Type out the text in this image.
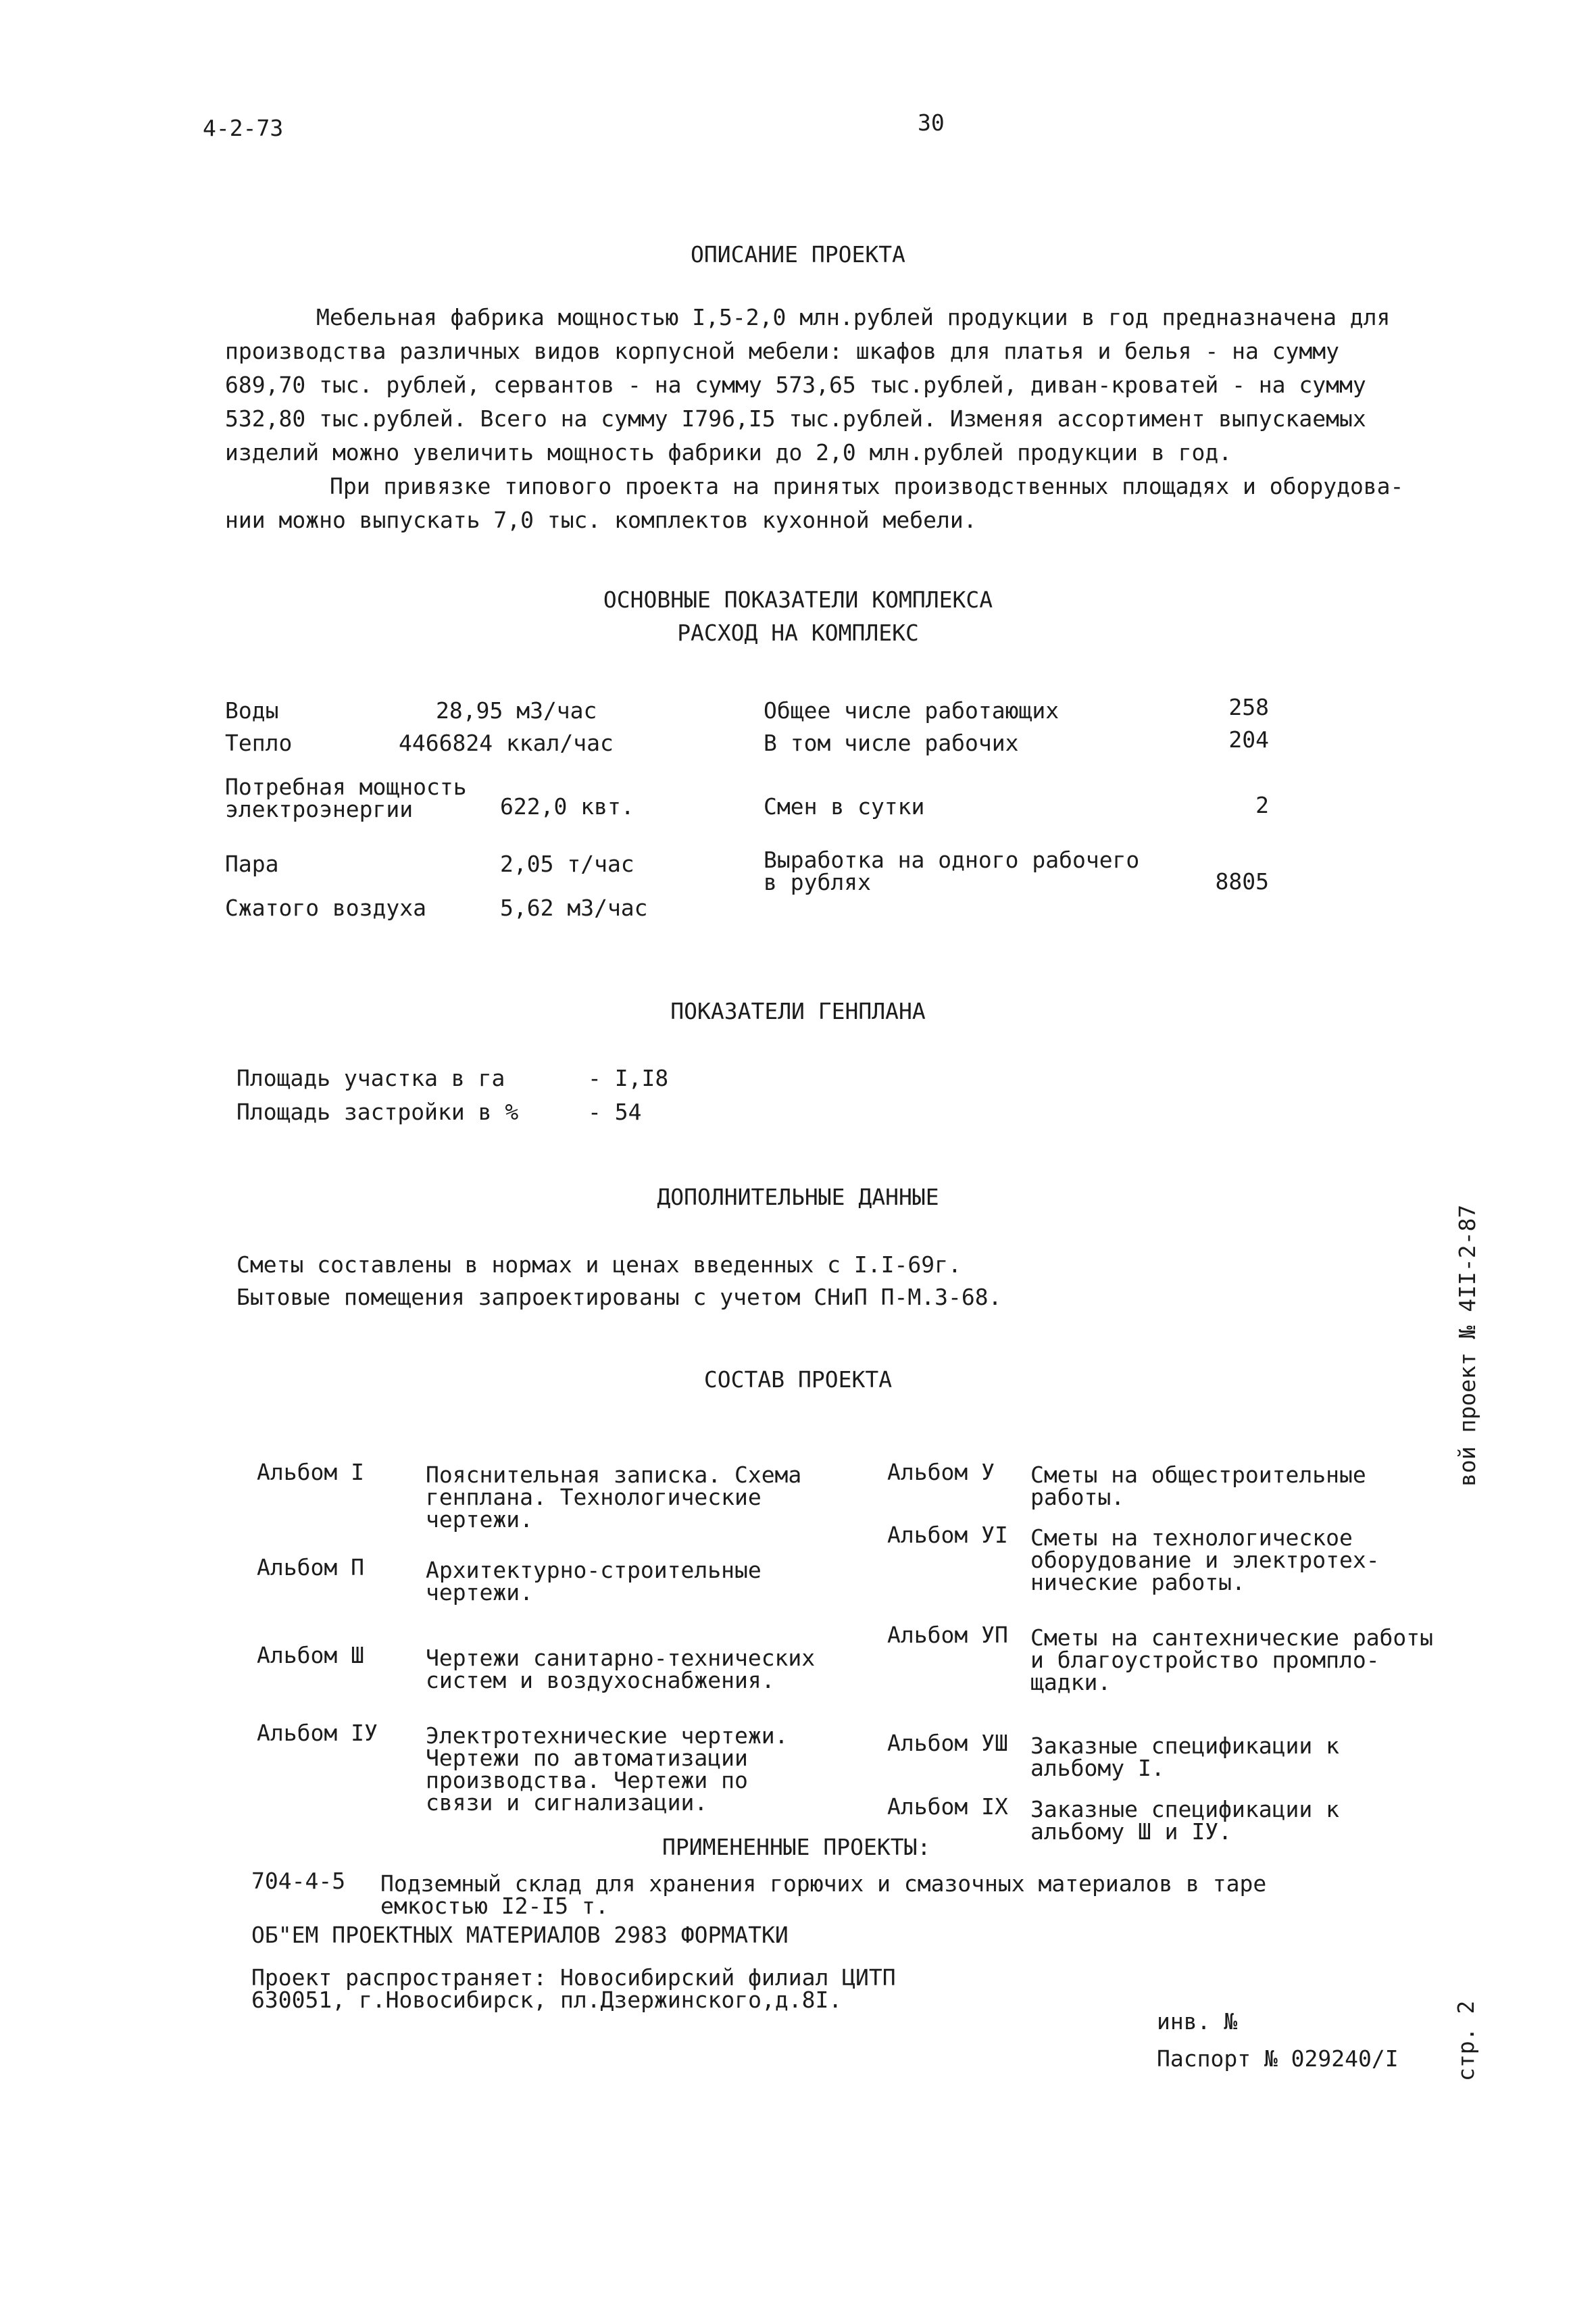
4-2-73	30
ОПИСАНИЕ ПРОЕКТА

Мебельная фабрика мощностью I,5-2,0 млн.рублей продукции в год предназначена для

производства различных видов корпусной мебели: шкафов для платья и белья - на сумму

689,70 тыс. рублей, сервантов - на сумму 573,65 тыс.рублей, диван-кроватей - на сумму

532,80 тыс.рублей. Всего на сумму I796,I5 тыс.рублей. Изменяя ассортимент выпускаемых

изделий можно увеличить мощность фабрики до 2,0 млн.рублей продукции в год.

При привязке типового проекта на принятых производственных площадях и оборудова-

нии можно выпускать 7,0 тыс. комплектов кухонной мебели.

ОСНОВНЫЕ ПОКАЗАТЕЛИ КОМПЛЕКСА
РАСХОД НА КОМПЛЕКС
Воды	28,95 м3/час
Тепло	4466824 ккал/час
Потребная мощность
электроэнергии	622,0 квт.
Пара	2,05 т/час
Сжатого воздуха	5,62 м3/час
Общее числе работающих	258
В том числе рабочих	204
Смен в сутки	2
Выработка на одного рабочего
в рублях	8805
ПОКАЗАТЕЛИ ГЕНПЛАНА
Площадь участка в га	- I,I8
Площадь застройки в %	- 54
ДОПОЛНИТЕЛЬНЫЕ ДАННЫЕ
Сметы составлены в нормах и ценах введенных с I.I-69г.
Бытовые помещения запроектированы с учетом СНиП П-М.3-68.
СОСТАВ ПРОЕКТА
Альбом I	Пояснительная записка. Схема
генплана. Технологические
чертежи.
Альбом П	Архитектурно-строительные
чертежи.
Альбом Ш	Чертежи санитарно-технических
систем и воздухоснабжения.
Альбом IУ Электротехнические чертежи.
Чертежи по автоматизации
производства. Чертежи по
связи и сигнализации.
Альбом У Сметы на общестроительные
работы.
Альбом УI Сметы на технологическое
оборудование и электротех-
нические работы.
Альбом УП Сметы на сантехнические работы
и благоустройство промпло-
щадки.
Альбом УШ Заказные спецификации к
альбому I.
Альбом IX Заказные спецификации к
альбому Ш и IУ.
ПРИМЕНЕННЫЕ ПРОЕКТЫ:
704-4-5 Подземный склад для хранения горючих и смазочных материалов в таре
емкостью I2-I5 т.
ОБ"ЕМ ПРОЕКТНЫХ МАТЕРИАЛОВ 2983 ФОРМАТКИ
Проект распространяет: Новосибирский филиал ЦИТП
630051, г.Новосибирск, пл.Дзержинского,д.8I.
инв. №
Паспорт № 029240/I
вой проект № 4II-2-87
стр. 2
